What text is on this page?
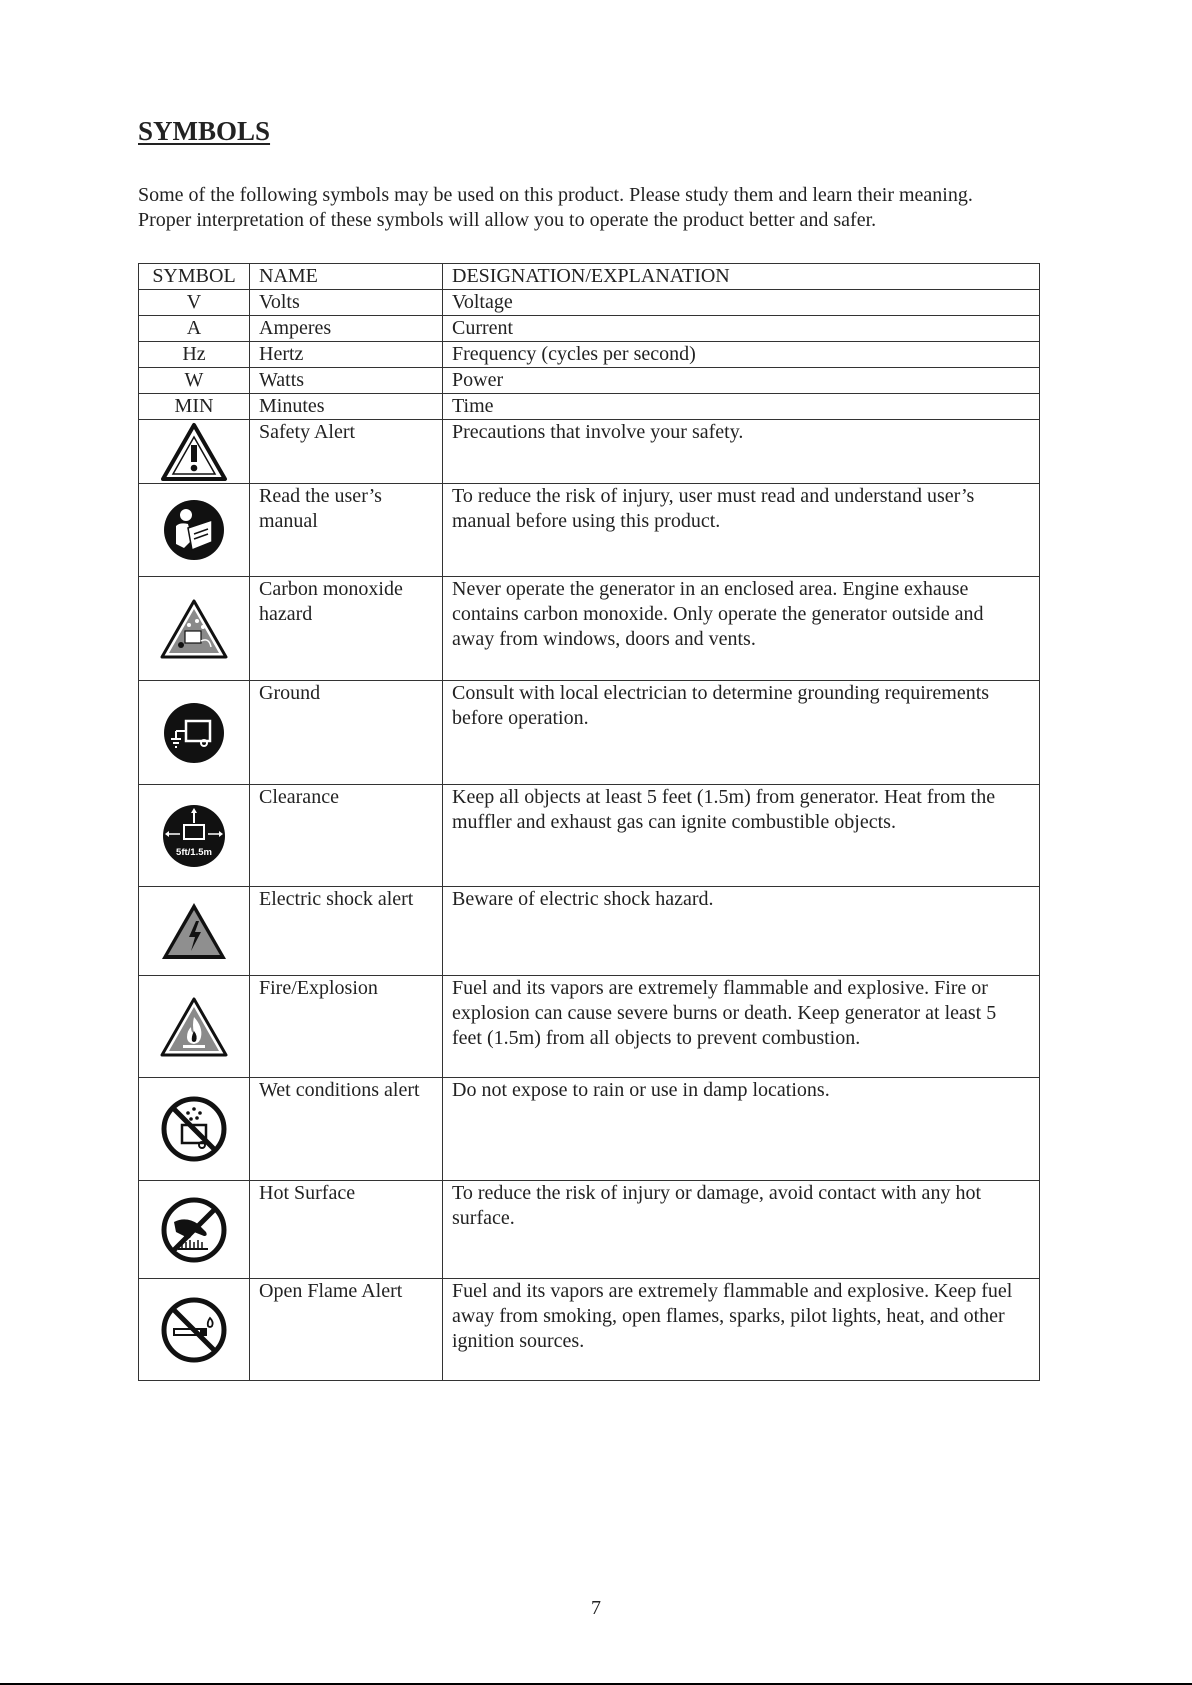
SYMBOLS

Some of the following symbols may be used on this product. Please study them and learn their meaning.

Proper interpretation of these symbols will allow you to operate the product better and safer.

SYMBOL	NAME	DESIGNATION/EXPLANATION
V	Volts	Voltage
A	Amperes	Current
Hz	Hertz	Frequency (cycles per second)
W	Watts	Power
MIN	Minutes	Time

	Safety Alert	Precautions that involve your safety.

	Read the user’s manual	To reduce the risk of injury, user must read and understand user’s manual before using this product.

	Carbon monoxide hazard	Never operate the generator in an enclosed area. Engine exhause contains carbon monoxide. Only operate the generator outside and away from windows, doors and vents.

	Ground	Consult with local electrician to determine grounding requirements before operation.

5ft/1.5m	Clearance	Keep all objects at least 5 feet (1.5m) from generator. Heat from the muffler and exhaust gas can ignite combustible objects.

	Electric shock alert	Beware of electric shock hazard.

	Fire/Explosion	Fuel and its vapors are extremely flammable and explosive. Fire or explosion can cause severe burns or death. Keep generator at least 5 feet (1.5m) from all objects to prevent combustion.

	Wet conditions alert	Do not expose to rain or use in damp locations.

	Hot Surface	To reduce the risk of injury or damage, avoid contact with any hot surface.

	Open Flame Alert	Fuel and its vapors are extremely flammable and explosive. Keep fuel away from smoking, open flames, sparks, pilot lights, heat, and other ignition sources.
7
